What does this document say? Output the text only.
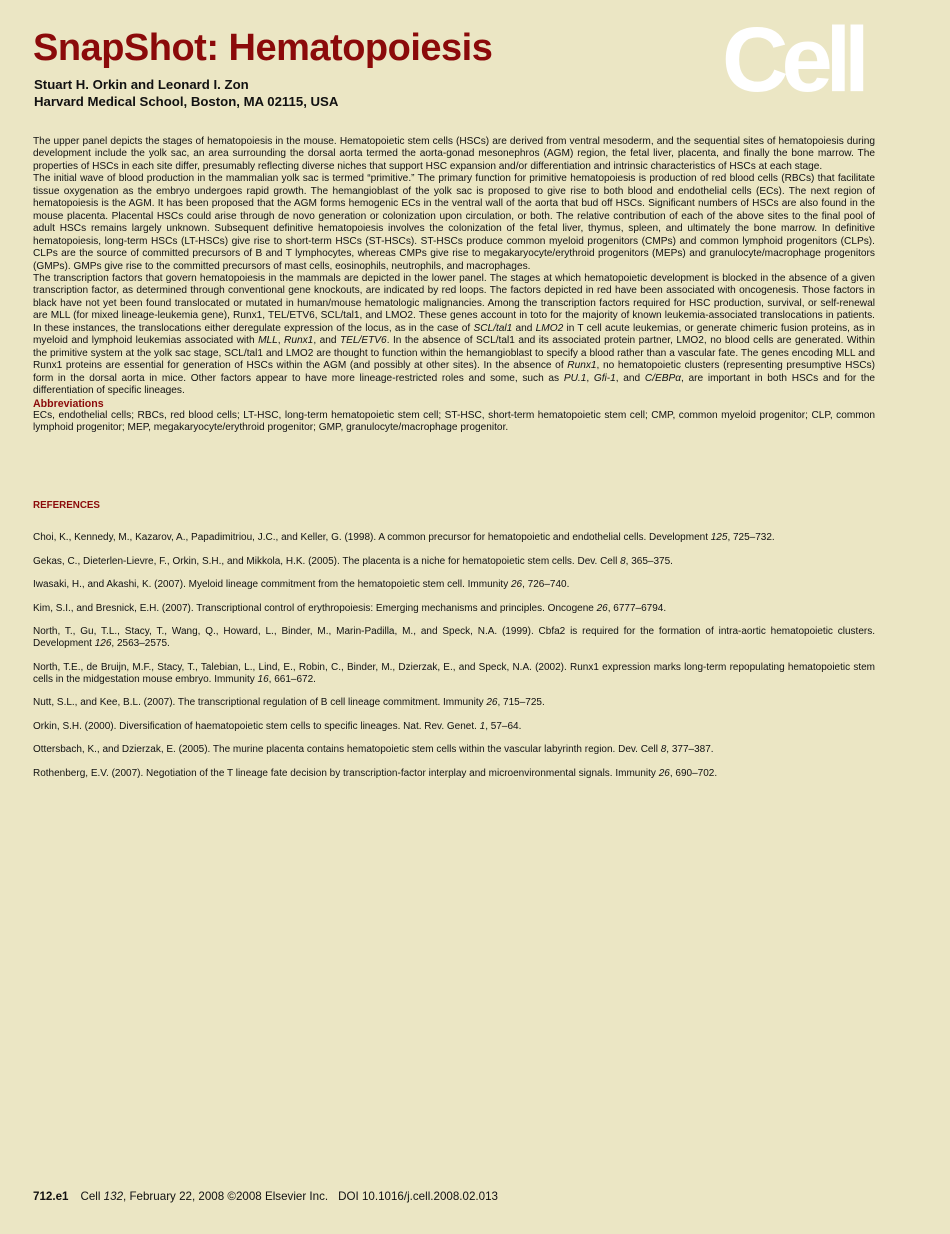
SnapShot: Hematopoiesis
Stuart H. Orkin and Leonard I. Zon
Harvard Medical School, Boston, MA 02115, USA	Cell

The upper panel depicts the stages of hematopoiesis in the mouse. Hematopoietic stem cells (HSCs) are derived from ventral mesoderm, and the sequential sites of hematopoiesis during development include the yolk sac, an area surrounding the dorsal aorta termed the aorta-gonad mesonephros (AGM) region, the fetal liver, placenta, and finally the bone marrow. The properties of HSCs in each site differ, presumably reflecting diverse niches that support HSC expansion and/or differentiation and intrinsic characteristics of HSCs at each stage.

The initial wave of blood production in the mammalian yolk sac is termed “primitive.” The primary function for primitive hematopoiesis is production of red blood cells (RBCs) that facilitate tissue oxygenation as the embryo undergoes rapid growth. The hemangioblast of the yolk sac is proposed to give rise to both blood and endothelial cells (ECs). The next region of hematopoiesis is the AGM. It has been proposed that the AGM forms hemogenic ECs in the ventral wall of the aorta that bud off HSCs. Significant numbers of HSCs are also found in the mouse placenta. Placental HSCs could arise through de novo generation or colonization upon circulation, or both. The relative contribution of each of the above sites to the final pool of adult HSCs remains largely unknown. Subsequent definitive hematopoiesis involves the colonization of the fetal liver, thymus, spleen, and ultimately the bone marrow. In definitive hematopoiesis, long-term HSCs (LT-HSCs) give rise to short-term HSCs (ST-HSCs). ST-HSCs produce common myeloid progenitors (CMPs) and common lymphoid progenitors (CLPs). CLPs are the source of committed precursors of B and T lymphocytes, whereas CMPs give rise to megakaryocyte/erythroid progenitors (MEPs) and granulocyte/macrophage progenitors (GMPs). GMPs give rise to the committed precursors of mast cells, eosinophils, neutrophils, and macrophages.

The transcription factors that govern hematopoiesis in the mammals are depicted in the lower panel. The stages at which hematopoietic development is blocked in the absence of a given transcription factor, as determined through conventional gene knockouts, are indicated by red loops. The factors depicted in red have been associated with oncogenesis. Those factors in black have not yet been found translocated or mutated in human/mouse hematologic malignancies. Among the transcription factors required for HSC production, survival, or self-renewal are MLL (for mixed lineage-leukemia gene), Runx1, TEL/ETV6, SCL/tal1, and LMO2. These genes account in toto for the majority of known leukemia-associated translocations in patients. In these instances, the translocations either deregulate expression of the locus, as in the case of SCL/tal1 and LMO2 in T cell acute leukemias, or generate chimeric fusion proteins, as in myeloid and lymphoid leukemias associated with MLL, Runx1, and TEL/ETV6. In the absence of SCL/tal1 and its associated protein partner, LMO2, no blood cells are generated. Within the primitive system at the yolk sac stage, SCL/tal1 and LMO2 are thought to function within the hemangioblast to specify a blood rather than a vascular fate. The genes encoding MLL and Runx1 proteins are essential for generation of HSCs within the AGM (and possibly at other sites). In the absence of Runx1, no hematopoietic clusters (representing presumptive HSCs) form in the dorsal aorta in mice. Other factors appear to have more lineage-restricted roles and some, such as PU.1, Gfi-1, and C/EBPα, are important in both HSCs and for the differentiation of specific lineages.

Abbreviations

ECs, endothelial cells; RBCs, red blood cells; LT-HSC, long-term hematopoietic stem cell; ST-HSC, short-term hematopoietic stem cell; CMP, common myeloid progenitor; CLP, common lymphoid progenitor; MEP, megakaryocyte/erythroid progenitor; GMP, granulocyte/macrophage progenitor.

REFERENCES

Choi, K., Kennedy, M., Kazarov, A., Papadimitriou, J.C., and Keller, G. (1998). A common precursor for hematopoietic and endothelial cells. Development 125, 725–732.

Gekas, C., Dieterlen-Lievre, F., Orkin, S.H., and Mikkola, H.K. (2005). The placenta is a niche for hematopoietic stem cells. Dev. Cell 8, 365–375.

Iwasaki, H., and Akashi, K. (2007). Myeloid lineage commitment from the hematopoietic stem cell. Immunity 26, 726–740.

Kim, S.I., and Bresnick, E.H. (2007). Transcriptional control of erythropoiesis: Emerging mechanisms and principles. Oncogene 26, 6777–6794.

North, T., Gu, T.L., Stacy, T., Wang, Q., Howard, L., Binder, M., Marin-Padilla, M., and Speck, N.A. (1999). Cbfa2 is required for the formation of intra-aortic hematopoietic clusters. Development 126, 2563–2575.

North, T.E., de Bruijn, M.F., Stacy, T., Talebian, L., Lind, E., Robin, C., Binder, M., Dzierzak, E., and Speck, N.A. (2002). Runx1 expression marks long-term repopulating hematopoietic stem cells in the midgestation mouse embryo. Immunity 16, 661–672.

Nutt, S.L., and Kee, B.L. (2007). The transcriptional regulation of B cell lineage commitment. Immunity 26, 715–725.

Orkin, S.H. (2000). Diversification of haematopoietic stem cells to specific lineages. Nat. Rev. Genet. 1, 57–64.

Ottersbach, K., and Dzierzak, E. (2005). The murine placenta contains hematopoietic stem cells within the vascular labyrinth region. Dev. Cell 8, 377–387.

Rothenberg, E.V. (2007). Negotiation of the T lineage fate decision by transcription-factor interplay and microenvironmental signals. Immunity 26, 690–702.

712.e1 Cell 132, February 22, 2008 ©2008 Elsevier Inc. DOI 10.1016/j.cell.2008.02.013
